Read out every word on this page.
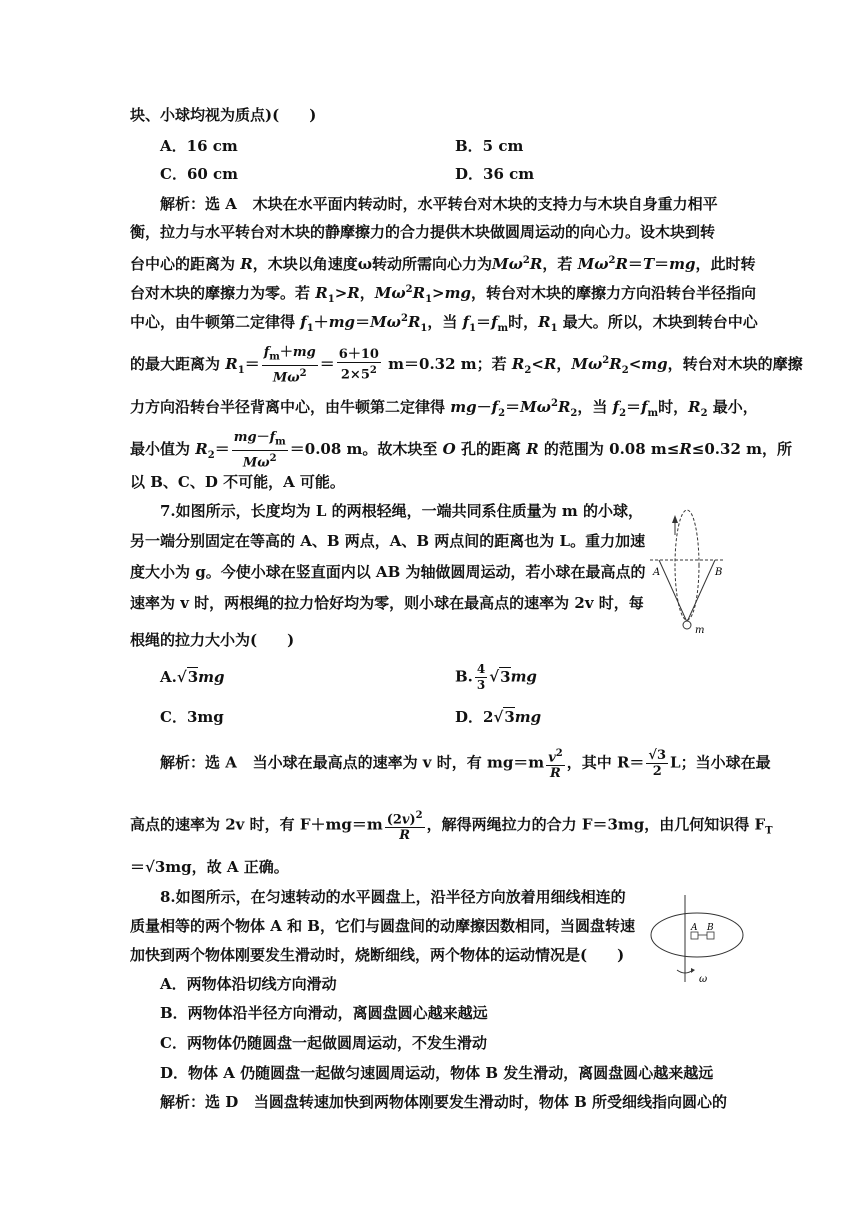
块、小球均视为质点)(　　)
A．16 cm	B．5 cm
C．60 cm	D．36 cm
解析：选 A 木块在水平面内转动时，水平转台对木块的支持力与木块自身重力相平
衡，拉力与水平转台对木块的静摩擦力的合力提供木块做圆周运动的向心力。设木块到转
台中心的距离为 R，木块以角速度ω转动所需向心力为$M\omega^2R$，若 $M\omega^2R=T=mg$，此时转
台对木块的摩擦力为零。若 $R_1>R$，$M\omega^2R_1>mg$，转台对木块的摩擦力方向沿转台半径指向
中心，由牛顿第二定律得 $f_1+mg=M\omega^2R_1$，当 $f_1=f_m$时，$R_1$ 最大。所以，木块到转台中心
的最大距离为 $R_1= \frac{f_m+mg}{M\omega^2} = \frac{6+10}{2\times 5^2} m=0.32$ m；若 $R_2<R$，$M\omega^2R_2<mg$，转台对木块的摩擦
力方向沿转台半径背离中心，由牛顿第二定律得 $mg-f_2=M\omega^2R_2$，当 $f_2=f_m$时，$R_2$ 最小，
最小值为 $R_2= \frac{mg-f_m}{M\omega^2} =0.08$ m。故木块至 O 孔的距离 R 的范围为 0.08 m≤R≤0.32 m，所
以 B、C、D 不可能，A 可能。
7.如图所示，长度均为 L 的两根轻绳，一端共同系住质量为 m 的小球，
另一端分别固定在等高的 A、B 两点，A、B 两点间的距离也为 L。重力加速
度大小为 g。今使小球在竖直面内以 AB 为轴做圆周运动，若小球在最高点的
速率为 v 时，两根绳的拉力恰好均为零，则小球在最高点的速率为 2v 时，每
根绳的拉力大小为(　　)
A	B
m
A.√3mg	B. $\frac{4}{3} √3mg$
C．3mg	D．2√3mg
解析：选 A 当小球在最高点的速率为 v 时，有 $mg=m \frac{v^2}{R}$ ，其中 $R= \frac{√3}{2}$ L；当小球在最
高点的速率为 2v 时，有 $F+mg=m \frac{(2v)^2}{R}$ ，解得两绳拉力的合力 F＝3mg，由几何知识得 $F_T$
＝√3mg，故 A 正确。
8.如图所示，在匀速转动的水平圆盘上，沿半径方向放着用细线相连的
质量相等的两个物体 A 和 B，它们与圆盘间的动摩擦因数相同，当圆盘转速
加快到两个物体刚要发生滑动时，烧断细线，两个物体的运动情况是(　　)
A B
ω
A．两物体沿切线方向滑动
B．两物体沿半径方向滑动，离圆盘圆心越来越远
C．两物体仍随圆盘一起做圆周运动，不发生滑动
D．物体 A 仍随圆盘一起做匀速圆周运动，物体 B 发生滑动，离圆盘圆心越来越远
解析：选 D 当圆盘转速加快到两物体刚要发生滑动时，物体 B 所受细线指向圆心的
